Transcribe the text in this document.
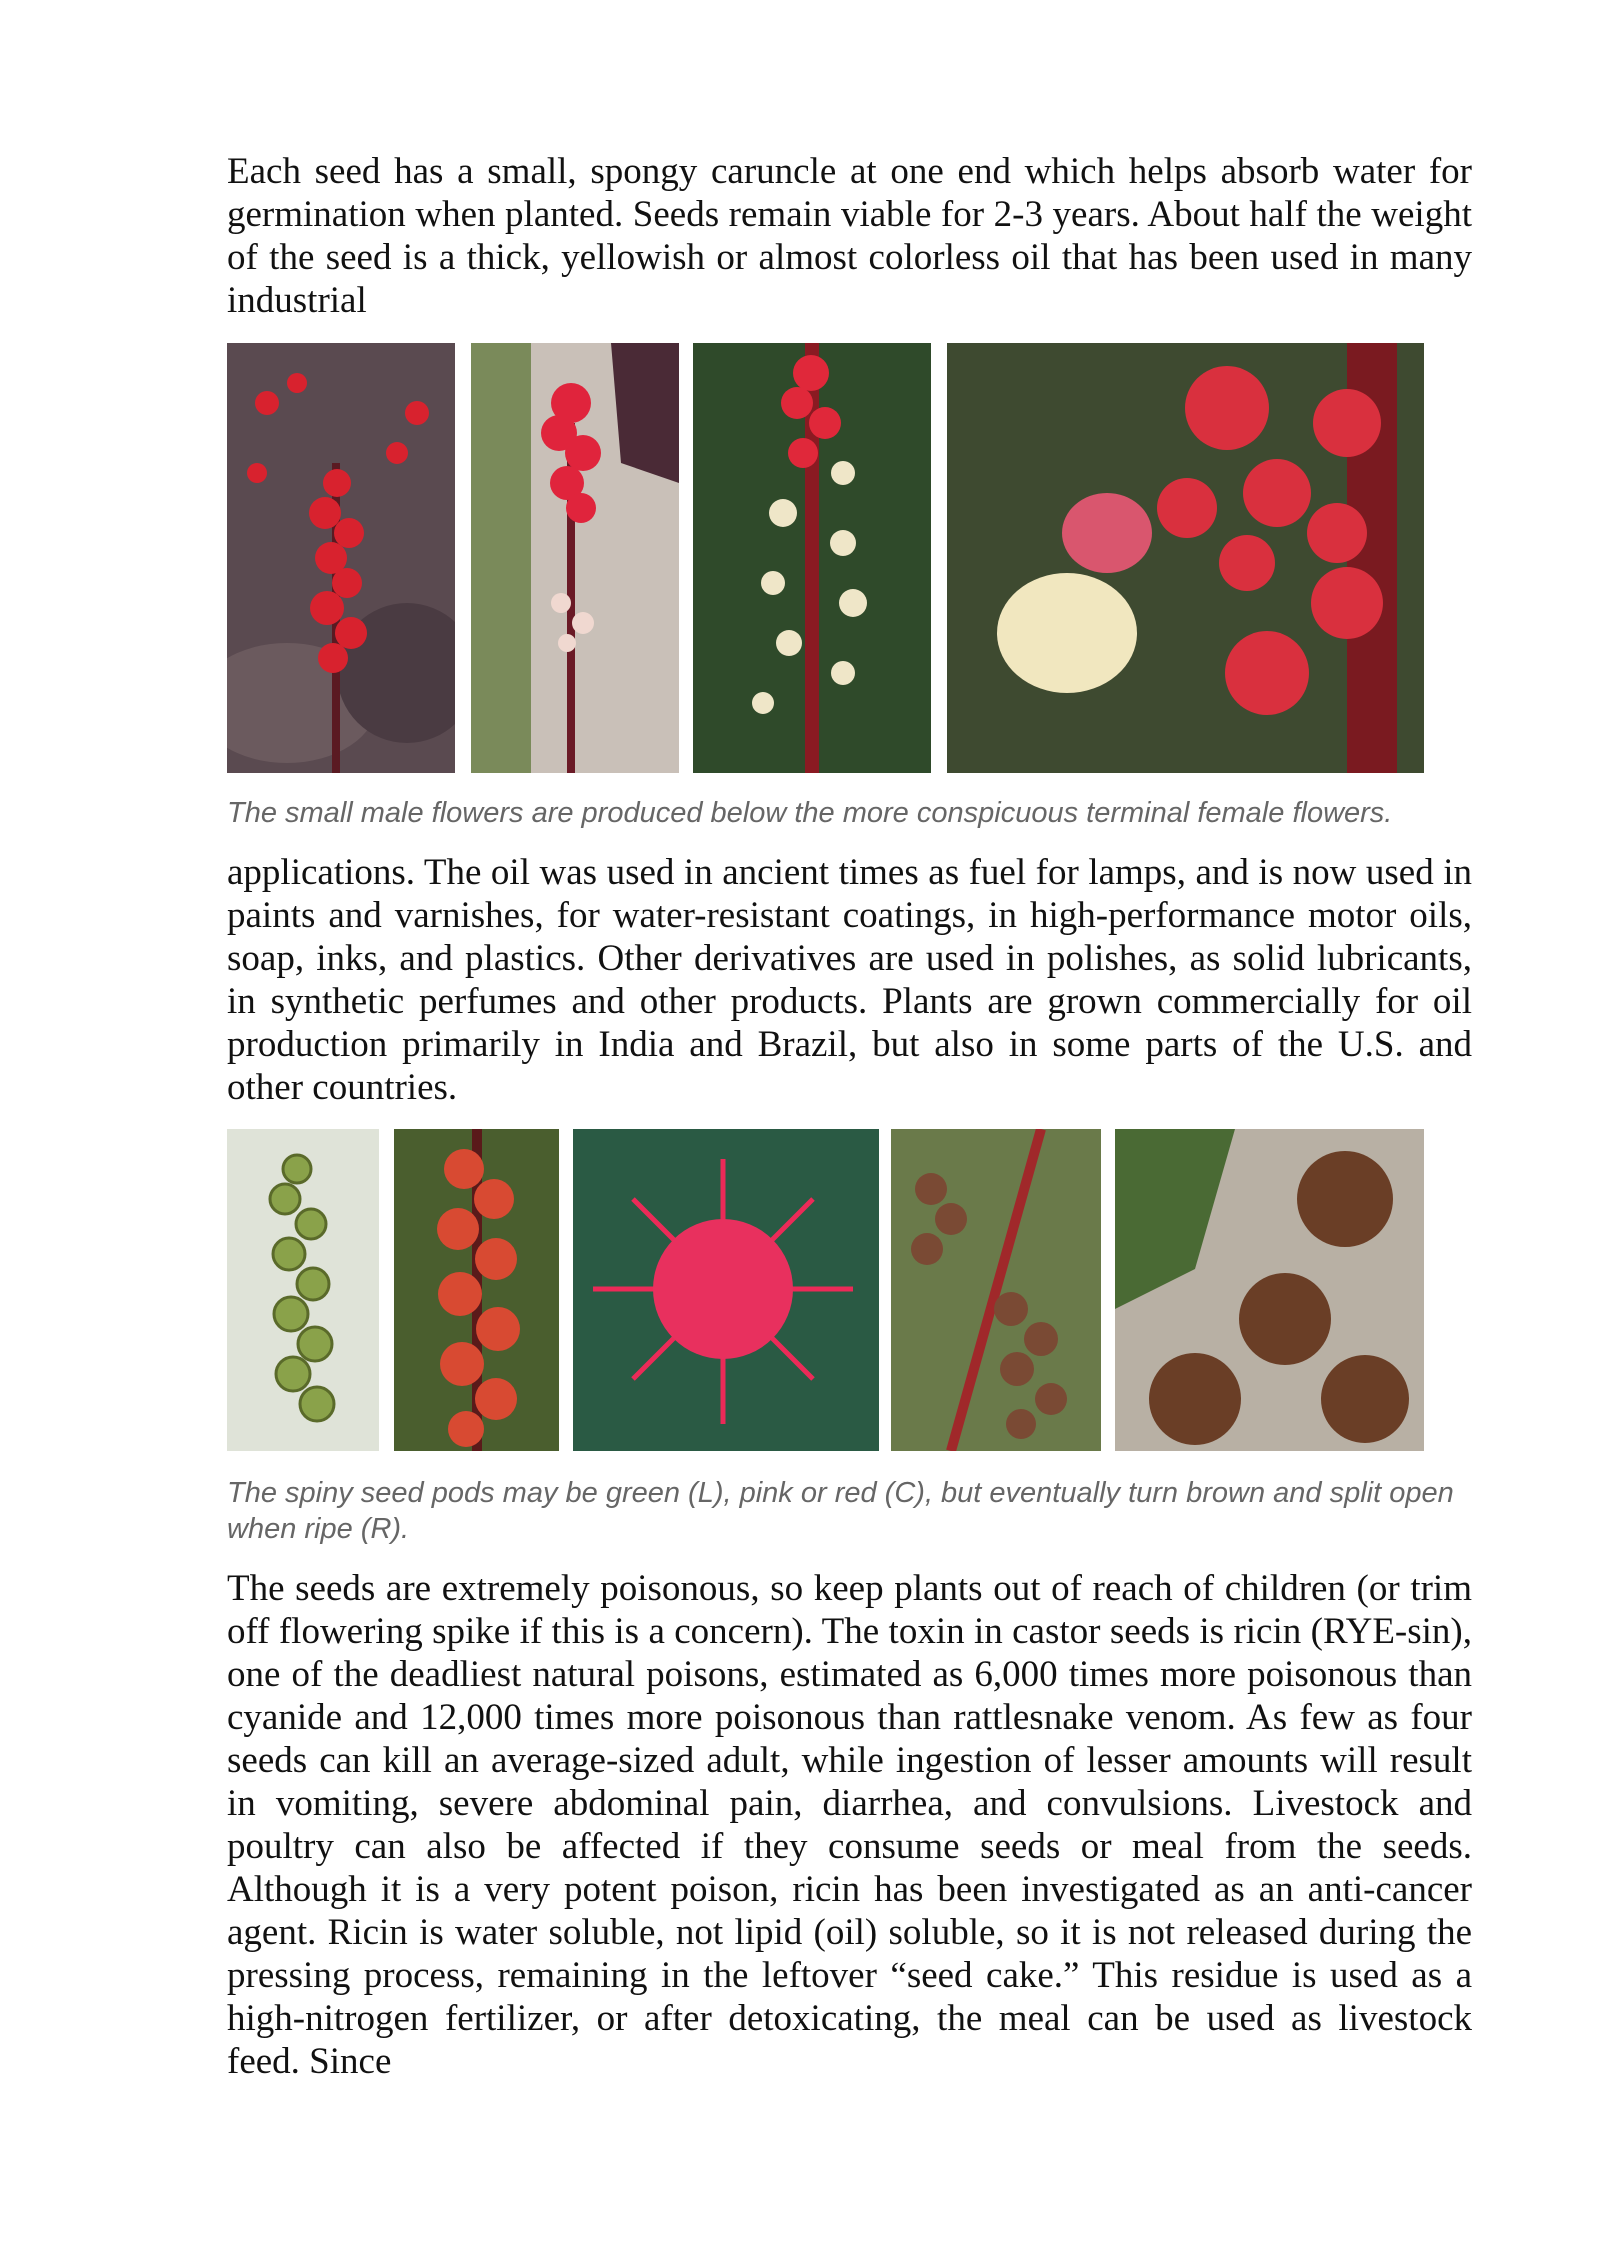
Each seed has a small, spongy caruncle at one end which helps absorb water for germination when planted. Seeds remain viable for 2-3 years. About half the weight of the seed is a thick, yellowish or almost colorless oil that has been used in many industrial

The small male flowers are produced below the more conspicuous terminal female flowers.

applications. The oil was used in ancient times as fuel for lamps, and is now used in paints and varnishes, for water-resistant coatings, in high-performance motor oils, soap, inks, and plastics. Other derivatives are used in polishes, as solid lubricants, in synthetic perfumes and other products. Plants are grown commercially for oil production primarily in India and Brazil, but also in some parts of the U.S. and other countries.

The spiny seed pods may be green (L), pink or red (C), but eventually turn brown and split open when ripe (R).

The seeds are extremely poisonous, so keep plants out of reach of children (or trim off flowering spike if this is a concern). The toxin in castor seeds is ricin (RYE-sin), one of the deadliest natural poisons, estimated as 6,000 times more poisonous than cyanide and 12,000 times more poisonous than rattlesnake venom. As few as four seeds can kill an average-sized adult, while ingestion of lesser amounts will result in vomiting, severe abdominal pain, diarrhea, and convulsions. Livestock and poultry can also be affected if they consume seeds or meal from the seeds. Although it is a very potent poison, ricin has been investigated as an anti-cancer agent. Ricin is water soluble, not lipid (oil) soluble, so it is not released during the pressing process, remaining in the leftover “seed cake.” This residue is used as a high-nitrogen fertilizer, or after detoxicating, the meal can be used as livestock feed. Since
